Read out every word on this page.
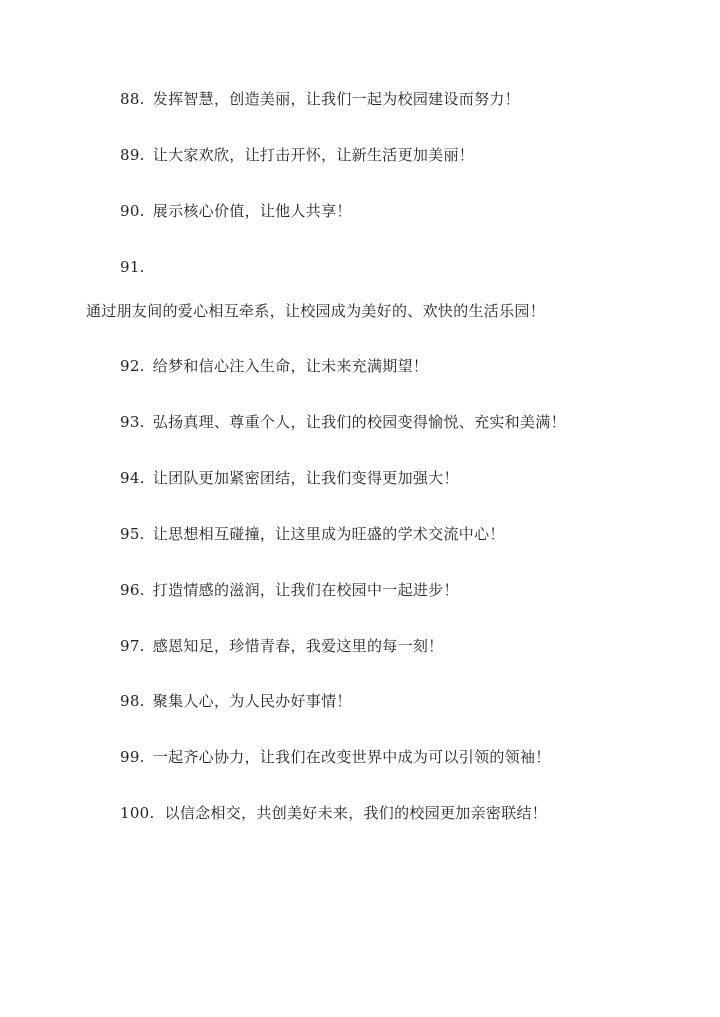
88. 发挥智慧，创造美丽，让我们一起为校园建设而努力！
89. 让大家欢欣，让打击开怀，让新生活更加美丽！
90. 展示核心价值，让他人共享！
91.
通过朋友间的爱心相互牵系，让校园成为美好的、欢快的生活乐园！
92. 给梦和信心注入生命，让未来充满期望！
93. 弘扬真理、尊重个人，让我们的校园变得愉悦、充实和美满！
94. 让团队更加紧密团结，让我们变得更加强大！
95. 让思想相互碰撞，让这里成为旺盛的学术交流中心！
96. 打造情感的滋润，让我们在校园中一起进步！
97. 感恩知足，珍惜青春，我爱这里的每一刻！
98. 聚集人心，为人民办好事情！
99. 一起齐心协力，让我们在改变世界中成为可以引领的领袖！
100. 以信念相交，共创美好未来，我们的校园更加亲密联结！
